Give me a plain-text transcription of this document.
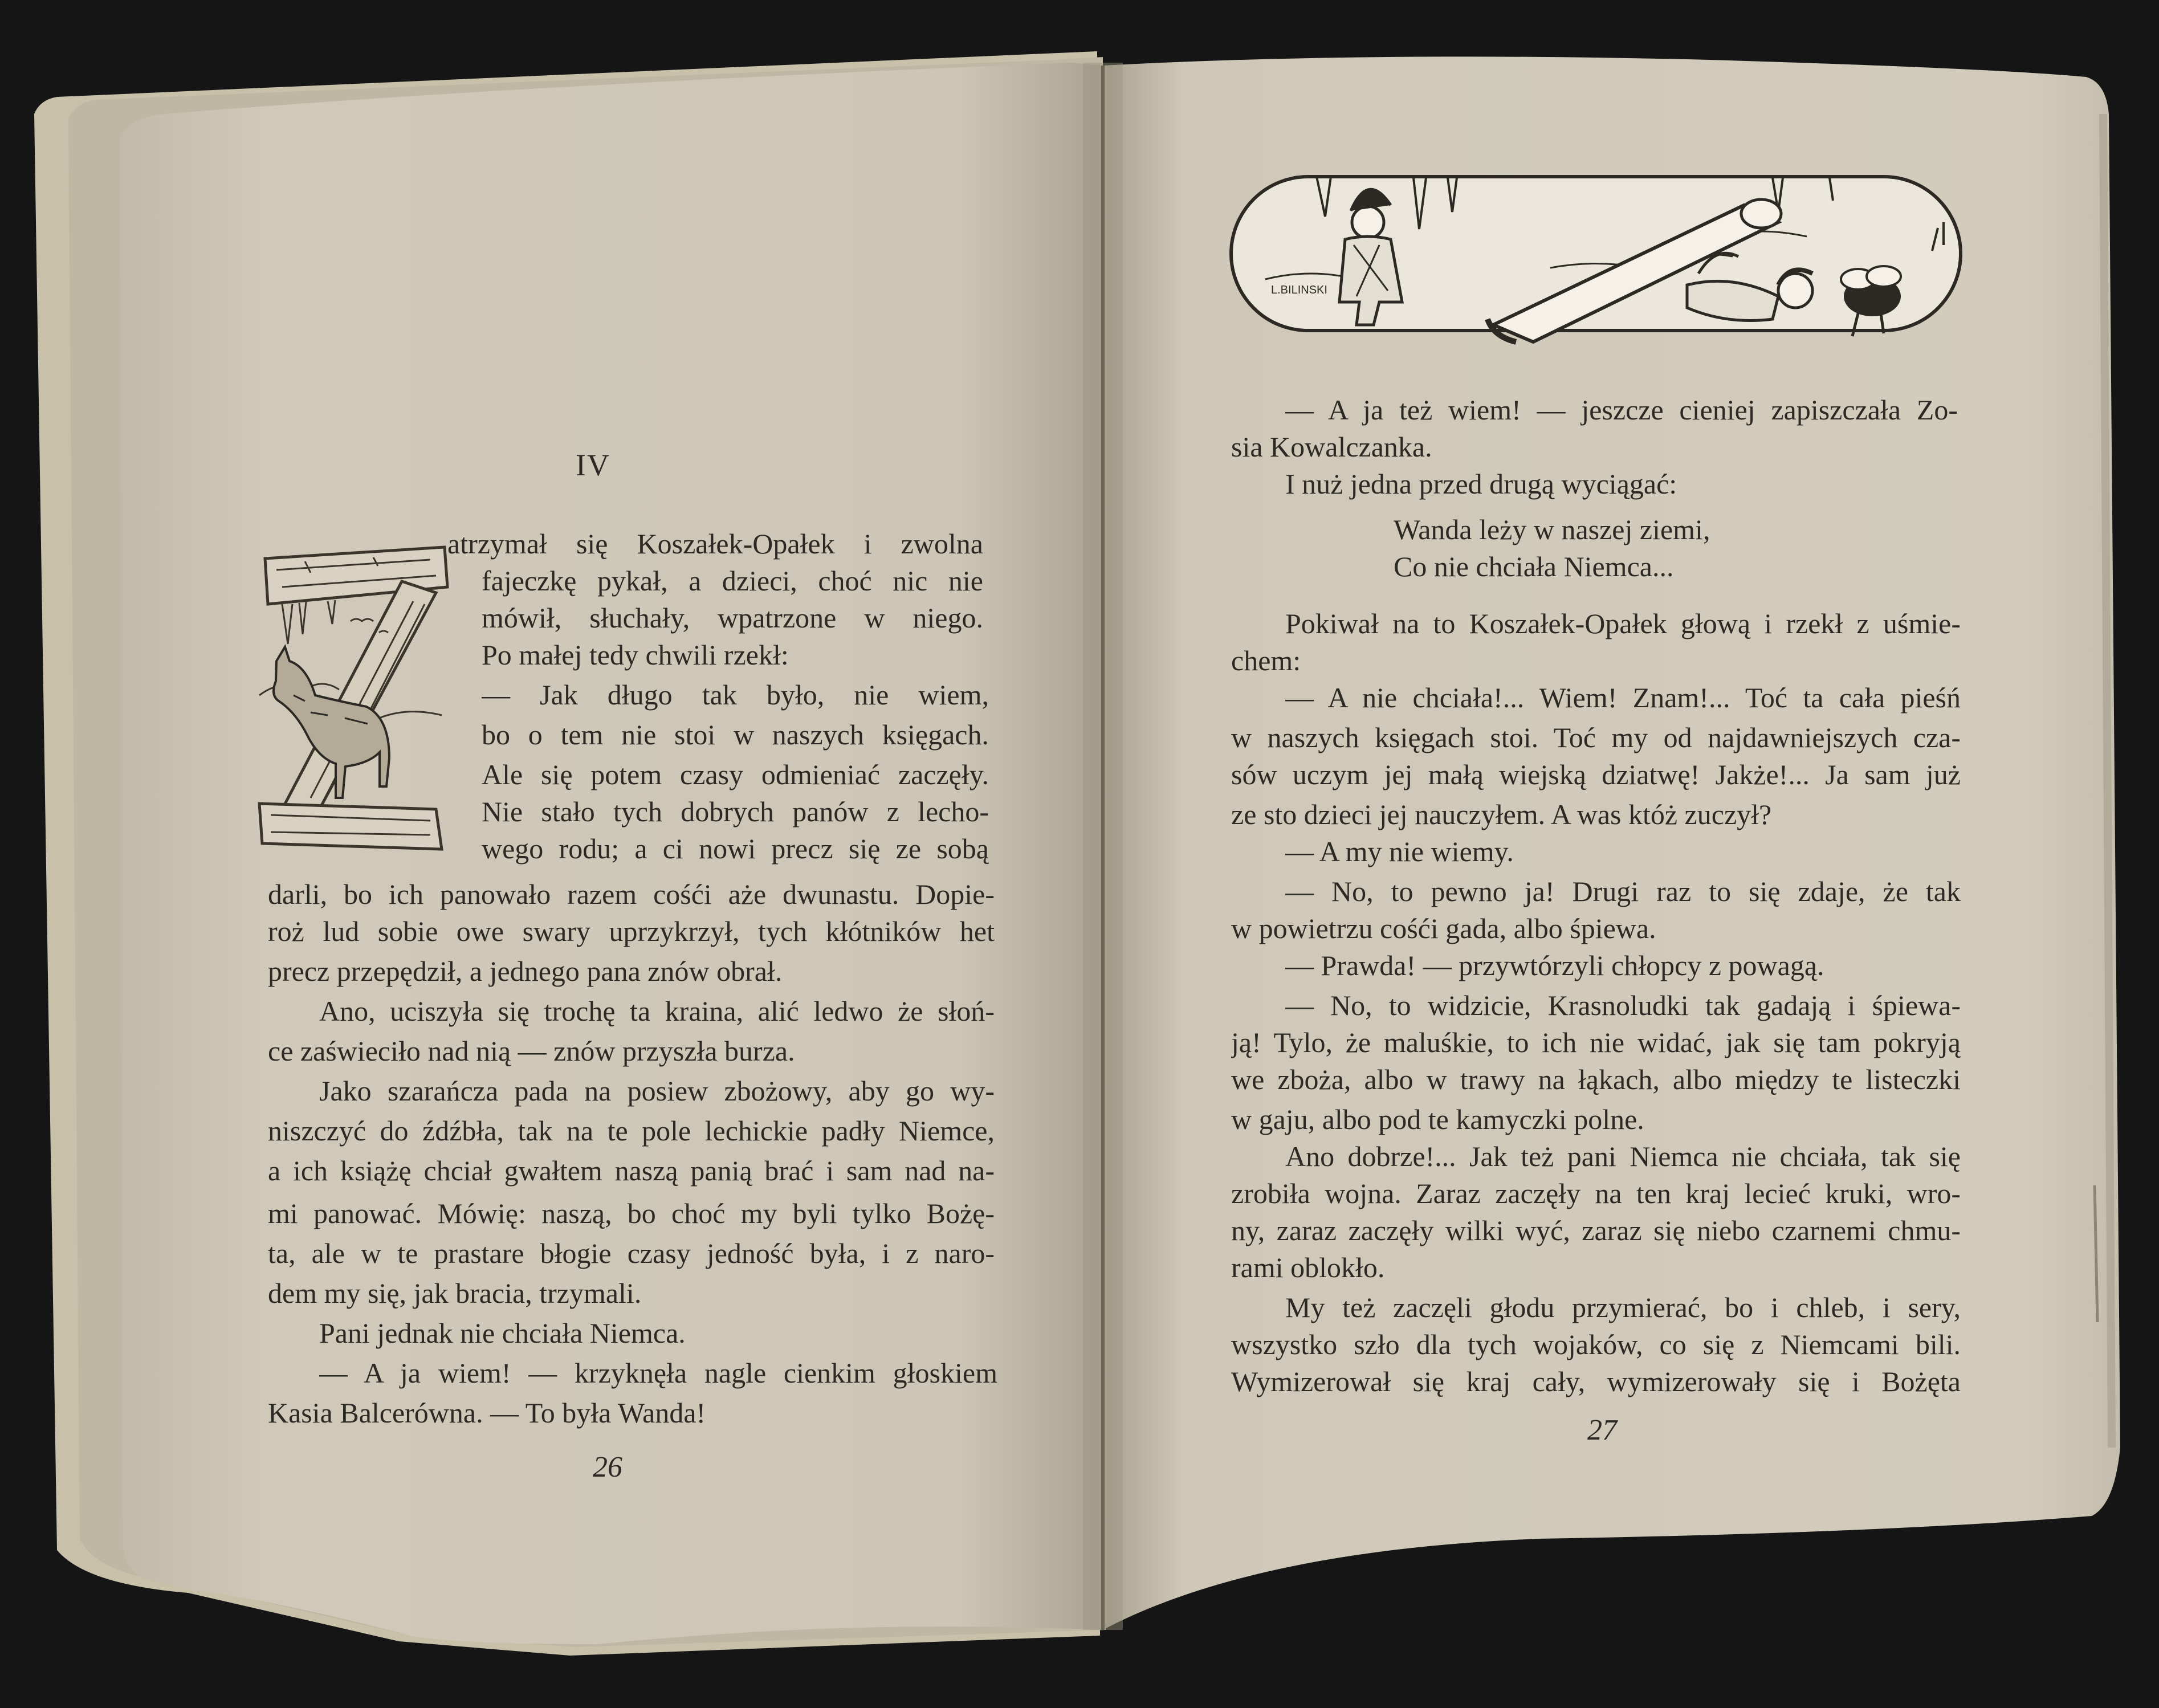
L.BILINSKI
IV
atrzymał się Koszałek-Opałek i zwolna
fajeczkę pykał, a dzieci, choć nic nie
mówił, słuchały, wpatrzone w niego.
Po małej tedy chwili rzekł:
— Jak długo tak było, nie wiem,
bo o tem nie stoi w naszych księgach.
Ale się potem czasy odmieniać zaczęły.
Nie stało tych dobrych panów z lecho-
wego rodu; a ci nowi precz się ze sobą
darli, bo ich panowało razem cośći aże dwunastu. Dopie-
roż lud sobie owe swary uprzykrzył, tych kłótników het
precz przepędził, a jednego pana znów obrał.
Ano, uciszyła się trochę ta kraina, alić ledwo że słoń-
ce zaświeciło nad nią — znów przyszła burza.
Jako szarańcza pada na posiew zbożowy, aby go wy-
niszczyć do źdźbła, tak na te pole lechickie padły Niemce,
a ich książę chciał gwałtem naszą panią brać i sam nad na-
mi panować. Mówię: naszą, bo choć my byli tylko Bożę-
ta, ale w te prastare błogie czasy jedność była, i z naro-
dem my się, jak bracia, trzymali.
Pani jednak nie chciała Niemca.
— A ja wiem! — krzyknęła nagle cienkim głoskiem
Kasia Balcerówna. — To była Wanda!
26
— A ja też wiem! — jeszcze cieniej zapiszczała Zo-
sia Kowalczanka.
I nuż jedna przed drugą wyciągać:
Wanda leży w naszej ziemi,
Co nie chciała Niemca...
Pokiwał na to Koszałek-Opałek głową i rzekł z uśmie-
chem:
— A nie chciała!... Wiem! Znam!... Toć ta cała pieśń
w naszych księgach stoi. Toć my od najdawniejszych cza-
sów uczym jej małą wiejską dziatwę! Jakże!... Ja sam już
ze sto dzieci jej nauczyłem. A was któż zuczył?
— A my nie wiemy.
— No, to pewno ja! Drugi raz to się zdaje, że tak
w powietrzu cośći gada, albo śpiewa.
— Prawda! — przywtórzyli chłopcy z powagą.
— No, to widzicie, Krasnoludki tak gadają i śpiewa-
ją! Tylo, że maluśkie, to ich nie widać, jak się tam pokryją
we zboża, albo w trawy na łąkach, albo między te listeczki
w gaju, albo pod te kamyczki polne.
Ano dobrze!... Jak też pani Niemca nie chciała, tak się
zrobiła wojna. Zaraz zaczęły na ten kraj lecieć kruki, wro-
ny, zaraz zaczęły wilki wyć, zaraz się niebo czarnemi chmu-
rami oblokło.
My też zaczęli głodu przymierać, bo i chleb, i sery,
wszystko szło dla tych wojaków, co się z Niemcami bili.
Wymizerował się kraj cały, wymizerowały się i Bożęta
27
